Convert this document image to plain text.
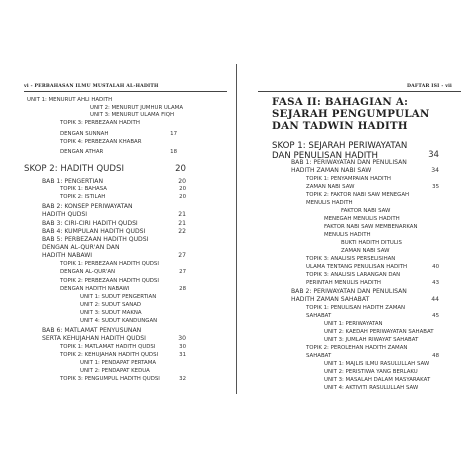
vi - PERBAHASAN ILMU MUSTALAH AL-HADITH
UNIT 1: MENURUT AHLI HADITH
UNIT 2: MENURUT JUMHUR ULAMA
UNIT 3: MENURUT ULAMA FIQH
TOPIK 3: PERBEZAAN HADITH
DENGAN SUNNAH	17
TOPIK 4: PERBEZAAN KHABAR
DENGAN ATHAR	18
SKOP 2: HADITH QUDSI	20
BAB 1: PENGERTIAN	20
TOPIK 1: BAHASA	20
TOPIK 2: ISTILAH	20
BAB 2: KONSEP PERIWAYATAN
HADITH QUDSI	21
BAB 3: CIRI-CIRI HADITH QUDSI	21
BAB 4: KUMPULAN HADITH QUDSI	22
BAB 5: PERBEZAAN HADITH QUDSI
DENGAN AL-QUR'AN DAN
HADITH NABAWI	27
TOPIK 1: PERBEZAAN HADITH QUDSI
DENGAN AL-QUR'AN	27
TOPIK 2: PERBEZAAN HADITH QUDSI
DENGAN HADITH NABAWI	28
UNIT 1: SUDUT PENGERTIAN
UNIT 2: SUDUT SANAD
UNIT 3: SUDUT MAKNA
UNIT 4: SUDUT KANDUNGAN
BAB 6: MATLAMAT PENYUSUNAN
SERTA KEHUJAHAN HADITH QUDSI	30
TOPIK 1: MATLAMAT HADITH QUDSI	30
TOPIK 2: KEHUJAHAN HADITH QUDSI	31
UNIT 1: PENDAPAT PERTAMA
UNIT 2: PENDAPAT KEDUA
TOPIK 3: PENGUMPUL HADITH QUDSI	32
DAFTAR ISI - vii
FASA II: BAHAGIAN A:
SEJARAH PENGUMPULAN
DAN TADWIN HADITH
SKOP 1: SEJARAH PERIWAYATAN
DAN PENULISAN HADITH	34
BAB 1: PERIWAYATAN DAN PENULISAN
HADITH ZAMAN NABI SAW	34
TOPIK 1: PENYAMPAIAN HADITH
ZAMAN NABI SAW	35
TOPIK 2: FAKTOR NABI SAW MENEGAH
MENULIS HADITH
FAKTOR NABI SAW
MENEGAH MENULIS HADITH
FAKTOR NABI SAW MEMBENARKAN
MENULIS HADITH
BUKTI HADITH DITULIS
ZAMAN NABI SAW
TOPIK 3: ANALISIS PERSELISIHAN
ULAMA TENTANG PENULISAN HADITH	40
TOPIK 3: ANALISIS LARANGAN DAN
PERINTAH MENULIS HADITH	43
BAB 2: PERIWAYATAN DAN PENULISAN
HADITH ZAMAN SAHABAT	44
TOPIK 1: PENULISAN HADITH ZAMAN
SAHABAT	45
UNIT 1: PERIWAYATAN
UNIT 2: KAEDAH PERIWAYATAN SAHABAT
UNIT 3: JUMLAH RIWAYAT SAHABAT
TOPIK 2: PEROLEHAN HADITH ZAMAN
SAHABAT	48
UNIT 1: MAJLIS ILMU RASULULLAH SAW
UNIT 2: PERISTIWA YANG BERLAKU
UNIT 3: MASALAH DALAM MASYARAKAT
UNIT 4: AKTIVITI RASULULLAH SAW
